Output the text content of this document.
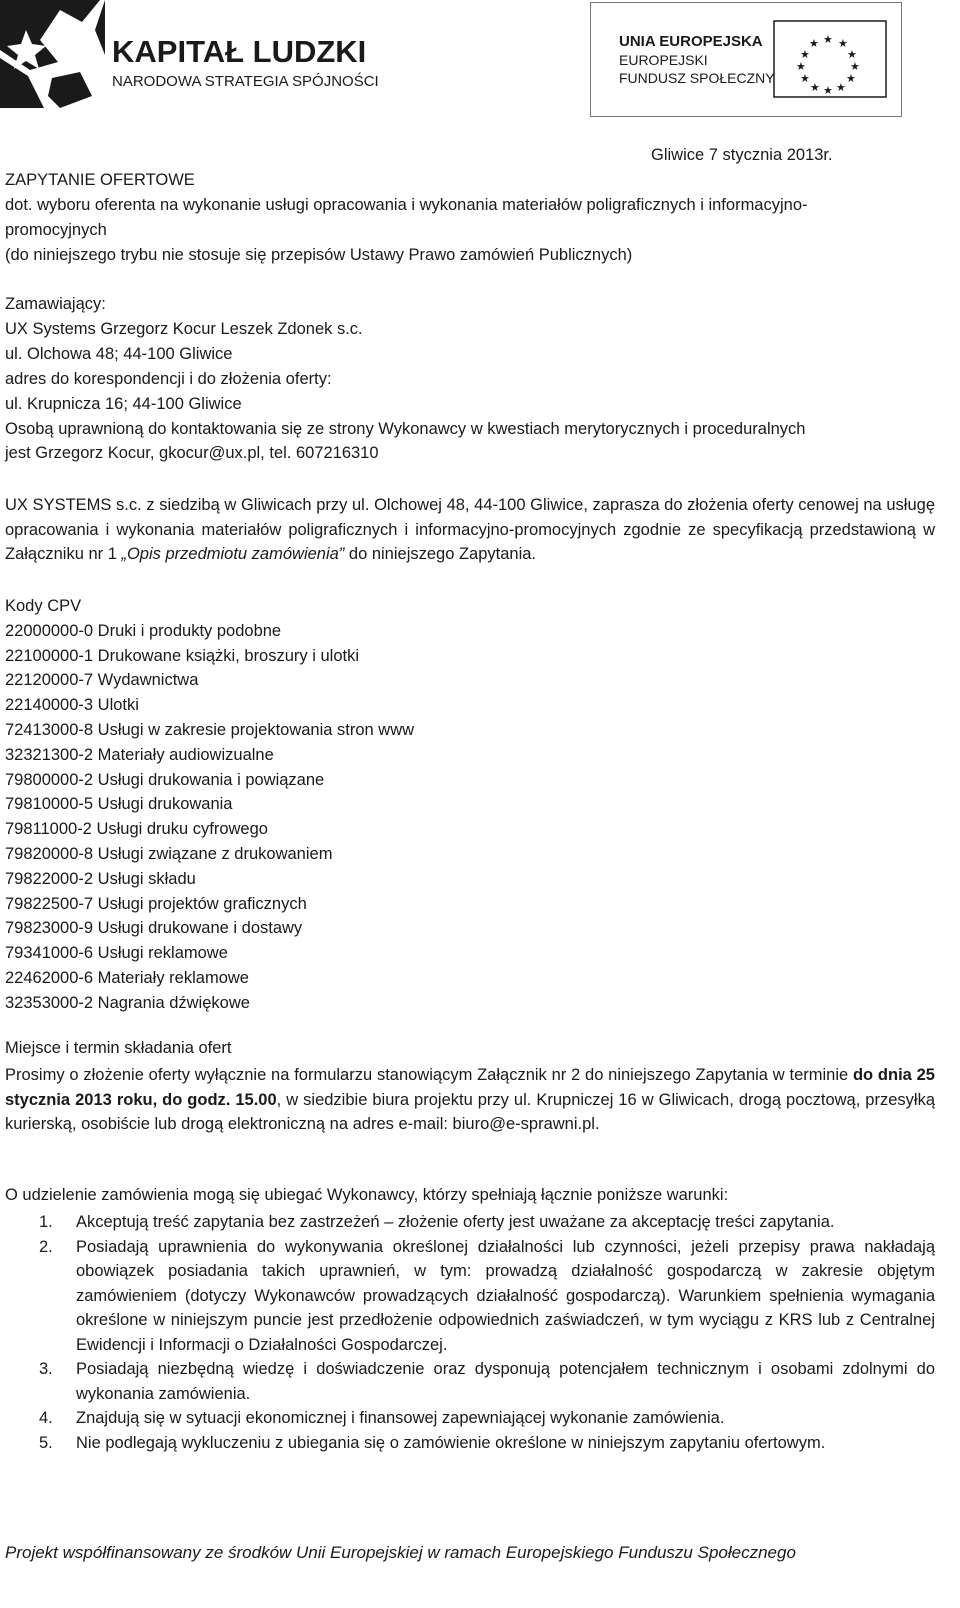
KAPITAŁ LUDZKI
NARODOWA STRATEGIA SPÓJNOŚCI
UNIA EUROPEJSKA
EUROPEJSKI
FUNDUSZ SPOŁECZNY
★ ★
★
★
★
★
★
★
★
★
★
★
Gliwice 7 stycznia 2013r.
ZAPYTANIE OFERTOWE
dot. wyboru oferenta na wykonanie usługi opracowania i wykonania materiałów poligraficznych i informacyjno-
promocyjnych
(do niniejszego trybu nie stosuje się przepisów Ustawy Prawo zamówień Publicznych)
Zamawiający:
UX Systems Grzegorz Kocur Leszek Zdonek s.c.
ul. Olchowa 48; 44-100 Gliwice
adres do korespondencji i do złożenia oferty:
ul. Krupnicza 16; 44-100 Gliwice
Osobą uprawnioną do kontaktowania się ze strony Wykonawcy w kwestiach merytorycznych i proceduralnych
jest Grzegorz Kocur, gkocur@ux.pl, tel. 607216310
UX SYSTEMS s.c. z siedzibą w Gliwicach przy ul. Olchowej 48, 44-100 Gliwice, zaprasza do złożenia oferty cenowej na usługę opracowania i wykonania materiałów poligraficznych i informacyjno-promocyjnych zgodnie ze specyfikacją przedstawioną w Załączniku nr 1 „Opis przedmiotu zamówienia” do niniejszego Zapytania.
Kody CPV
22000000-0 Druki i produkty podobne
22100000-1 Drukowane książki, broszury i ulotki
22120000-7 Wydawnictwa
22140000-3 Ulotki
72413000-8 Usługi w zakresie projektowania stron www
32321300-2 Materiały audiowizualne
79800000-2 Usługi drukowania i powiązane
79810000-5 Usługi drukowania
79811000-2 Usługi druku cyfrowego
79820000-8 Usługi związane z drukowaniem
79822000-2 Usługi składu
79822500-7 Usługi projektów graficznych
79823000-9 Usługi drukowane i dostawy
79341000-6 Usługi reklamowe
22462000-6 Materiały reklamowe
32353000-2 Nagrania dźwiękowe
Miejsce i termin składania ofert
Prosimy o złożenie oferty wyłącznie na formularzu stanowiącym Załącznik nr 2 do niniejszego Zapytania w terminie do dnia 25 stycznia 2013 roku, do godz. 15.00, w siedzibie biura projektu przy ul. Krupniczej 16 w Gliwicach, drogą pocztową, przesyłką kurierską, osobiście lub drogą elektroniczną na adres e-mail: biuro@e-sprawni.pl.
O udzielenie zamówienia mogą się ubiegać Wykonawcy, którzy spełniają łącznie poniższe warunki:
1. Akceptują treść zapytania bez zastrzeżeń – złożenie oferty jest uważane za akceptację treści zapytania.
2. Posiadają uprawnienia do wykonywania określonej działalności lub czynności, jeżeli przepisy prawa nakładają obowiązek posiadania takich uprawnień, w tym: prowadzą działalność gospodarczą w zakresie objętym zamówieniem (dotyczy Wykonawców prowadzących działalność gospodarczą). Warunkiem spełnienia wymagania określone w niniejszym puncie jest przedłożenie odpowiednich zaświadczeń, w tym wyciągu z KRS lub z Centralnej Ewidencji i Informacji o Działalności Gospodarczej.
3. Posiadają niezbędną wiedzę i doświadczenie oraz dysponują potencjałem technicznym i osobami zdolnymi do wykonania zamówienia.
4. Znajdują się w sytuacji ekonomicznej i finansowej zapewniającej wykonanie zamówienia.
5. Nie podlegają wykluczeniu z ubiegania się o zamówienie określone w niniejszym zapytaniu ofertowym.
Projekt współfinansowany ze środków Unii Europejskiej w ramach Europejskiego Funduszu Społecznego
